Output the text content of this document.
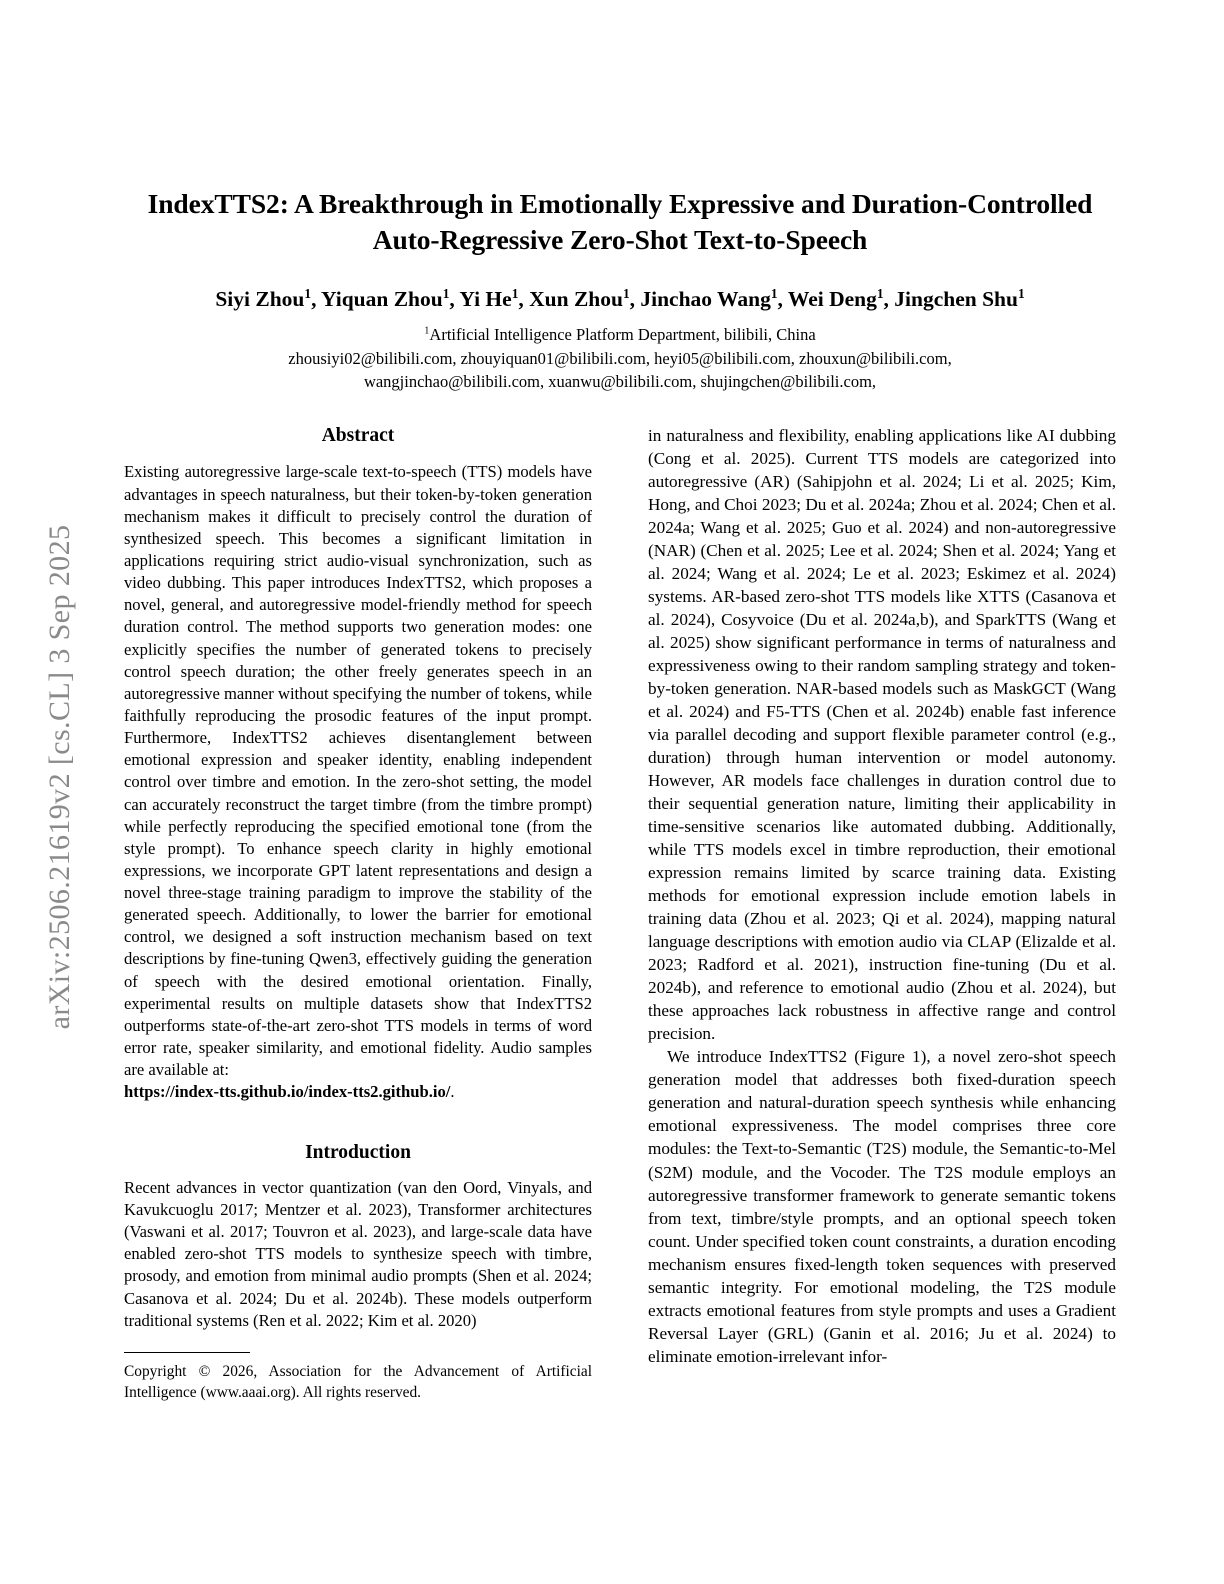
arXiv:2506.21619v2 [cs.CL] 3 Sep 2025
IndexTTS2: A Breakthrough in Emotionally Expressive and Duration-Controlled
Auto-Regressive Zero-Shot Text-to-Speech
Siyi Zhou$^1$, Yiquan Zhou$^1$, Yi He$^1$, Xun Zhou$^1$, Jinchao Wang$^1$, Wei Deng$^1$, Jingchen Shu$^1$
$^1$Artificial Intelligence Platform Department, bilibili, China
zhousiyi02@bilibili.com, zhouyiquan01@bilibili.com, heyi05@bilibili.com, zhouxun@bilibili.com,
wangjinchao@bilibili.com, xuanwu@bilibili.com, shujingchen@bilibili.com,
Abstract

Existing autoregressive large-scale text-to-speech (TTS) models have advantages in speech naturalness, but their token-by-token generation mechanism makes it difficult to precisely control the duration of synthesized speech. This becomes a significant limitation in applications requiring strict audio-visual synchronization, such as video dubbing. This paper introduces IndexTTS2, which proposes a novel, general, and autoregressive model-friendly method for speech duration control. The method supports two generation modes: one explicitly specifies the number of generated tokens to precisely control speech duration; the other freely generates speech in an autoregressive manner without specifying the number of tokens, while faithfully reproducing the prosodic features of the input prompt. Furthermore, IndexTTS2 achieves disentanglement between emotional expression and speaker identity, enabling independent control over timbre and emotion. In the zero-shot setting, the model can accurately reconstruct the target timbre (from the timbre prompt) while perfectly reproducing the specified emotional tone (from the style prompt). To enhance speech clarity in highly emotional expressions, we incorporate GPT latent representations and design a novel three-stage training paradigm to improve the stability of the generated speech. Additionally, to lower the barrier for emotional control, we designed a soft instruction mechanism based on text descriptions by fine-tuning Qwen3, effectively guiding the generation of speech with the desired emotional orientation. Finally, experimental results on multiple datasets show that IndexTTS2 outperforms state-of-the-art zero-shot TTS models in terms of word error rate, speaker similarity, and emotional fidelity. Audio samples are available at:

https://index-tts.github.io/index-tts2.github.io/.

Introduction

Recent advances in vector quantization (van den Oord, Vinyals, and Kavukcuoglu 2017; Mentzer et al. 2023), Transformer architectures (Vaswani et al. 2017; Touvron et al. 2023), and large-scale data have enabled zero-shot TTS models to synthesize speech with timbre, prosody, and emotion from minimal audio prompts (Shen et al. 2024; Casanova et al. 2024; Du et al. 2024b). These models outperform traditional systems (Ren et al. 2022; Kim et al. 2020)

in naturalness and flexibility, enabling applications like AI dubbing (Cong et al. 2025). Current TTS models are categorized into autoregressive (AR) (Sahipjohn et al. 2024; Li et al. 2025; Kim, Hong, and Choi 2023; Du et al. 2024a; Zhou et al. 2024; Chen et al. 2024a; Wang et al. 2025; Guo et al. 2024) and non-autoregressive (NAR) (Chen et al. 2025; Lee et al. 2024; Shen et al. 2024; Yang et al. 2024; Wang et al. 2024; Le et al. 2023; Eskimez et al. 2024) systems. AR-based zero-shot TTS models like XTTS (Casanova et al. 2024), Cosyvoice (Du et al. 2024a,b), and SparkTTS (Wang et al. 2025) show significant performance in terms of naturalness and expressiveness owing to their random sampling strategy and token-by-token generation. NAR-based models such as MaskGCT (Wang et al. 2024) and F5-TTS (Chen et al. 2024b) enable fast inference via parallel decoding and support flexible parameter control (e.g., duration) through human intervention or model autonomy. However, AR models face challenges in duration control due to their sequential generation nature, limiting their applicability in time-sensitive scenarios like automated dubbing. Additionally, while TTS models excel in timbre reproduction, their emotional expression remains limited by scarce training data. Existing methods for emotional expression include emotion labels in training data (Zhou et al. 2023; Qi et al. 2024), mapping natural language descriptions with emotion audio via CLAP (Elizalde et al. 2023; Radford et al. 2021), instruction fine-tuning (Du et al. 2024b), and reference to emotional audio (Zhou et al. 2024), but these approaches lack robustness in affective range and control precision.

We introduce IndexTTS2 (Figure 1), a novel zero-shot speech generation model that addresses both fixed-duration speech generation and natural-duration speech synthesis while enhancing emotional expressiveness. The model comprises three core modules: the Text-to-Semantic (T2S) module, the Semantic-to-Mel (S2M) module, and the Vocoder. The T2S module employs an autoregressive transformer framework to generate semantic tokens from text, timbre/style prompts, and an optional speech token count. Under specified token count constraints, a duration encoding mechanism ensures fixed-length token sequences with preserved semantic integrity. For emotional modeling, the T2S module extracts emotional features from style prompts and uses a Gradient Reversal Layer (GRL) (Ganin et al. 2016; Ju et al. 2024) to eliminate emotion-irrelevant infor-

Copyright © 2026, Association for the Advancement of Artificial Intelligence (www.aaai.org). All rights reserved.
